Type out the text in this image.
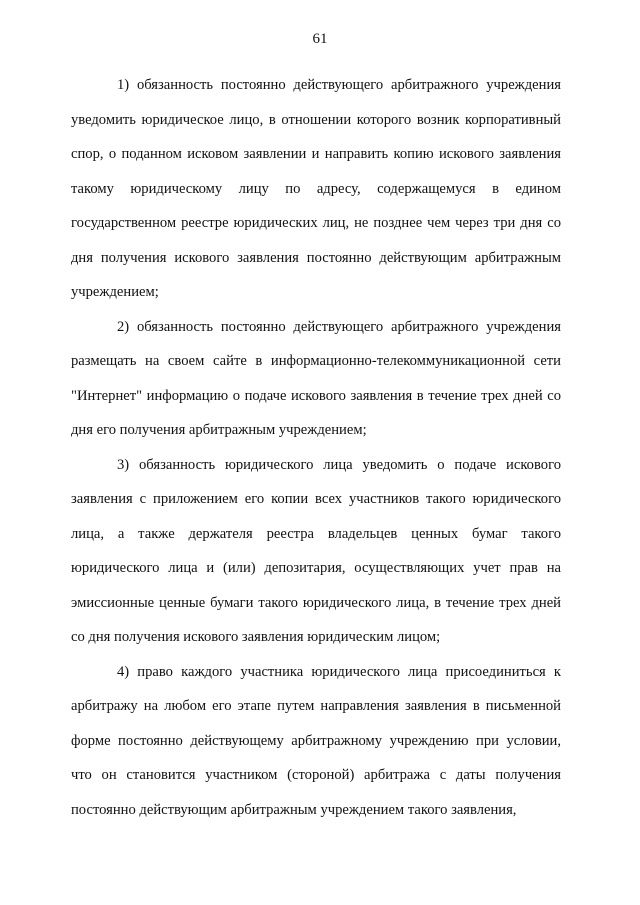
61

1) обязанность постоянно действующего арбитражного учреждения уведомить юридическое лицо, в отношении которого возник корпоративный спор, о поданном исковом заявлении и направить копию искового заявления такому юридическому лицу по адресу, содержащемуся в едином государственном реестре юридических лиц, не позднее чем через три дня со дня получения искового заявления постоянно действующим арбитражным учреждением;

2) обязанность постоянно действующего арбитражного учреждения размещать на своем сайте в информационно-телекоммуникационной сети "Интернет" информацию о подаче искового заявления в течение трех дней со дня его получения арбитражным учреждением;

3) обязанность юридического лица уведомить о подаче искового заявления с приложением его копии всех участников такого юридического лица, а также держателя реестра владельцев ценных бумаг такого юридического лица и (или) депозитария, осуществляющих учет прав на эмиссионные ценные бумаги такого юридического лица, в течение трех дней со дня получения искового заявления юридическим лицом;

4) право каждого участника юридического лица присоединиться к арбитражу на любом его этапе путем направления заявления в письменной форме постоянно действующему арбитражному учреждению при условии, что он становится участником (стороной) арбитража с даты получения постоянно действующим арбитражным учреждением такого заявления,
